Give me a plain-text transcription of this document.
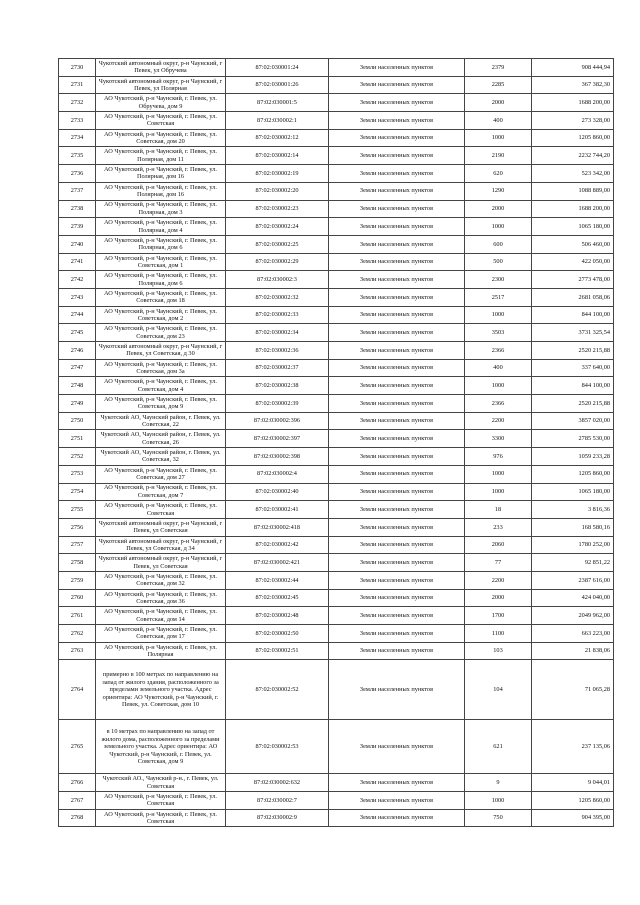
2730	Чукотский автономный округ, р-н Чаунский, г Певек, ул Обручева	87:02:030001:24	Земли населенных пунктов	2379	908 444,94
2731	Чукотский автономный округ, р-н Чаунский, г Певек, ул Полярная	87:02:030001:26	Земли населенных пунктов	2285	367 382,30
2732	АО Чукотский, р-н Чаунский, г. Певек, ул. Обручева, дом 9	87:02:030001:5	Земли населенных пунктов	2000	1688 200,00
2733	АО Чукотский, р-н Чаунский, г. Певек, ул. Советская	87:02:030002:1	Земли населенных пунктов	400	273 328,00
2734	АО Чукотский, р-н Чаунский, г. Певек, ул. Советская, дом 20	87:02:030002:12	Земли населенных пунктов	1000	1205 860,00
2735	АО Чукотский, р-н Чаунский, г. Певек, ул. Полярная, дом 11	87:02:030002:14	Земли населенных пунктов	2190	2232 744,20
2736	АО Чукотский, р-н Чаунский, г. Певек, ул. Полярная, дом 16	87:02:030002:19	Земли населенных пунктов	620	523 342,00
2737	АО Чукотский, р-н Чаунский, г. Певек, ул. Полярная, дом 16	87:02:030002:20	Земли населенных пунктов	1290	1088 889,00
2738	АО Чукотский, р-н Чаунский, г. Певек, ул. Полярная, дом 3	87:02:030002:23	Земли населенных пунктов	2000	1688 200,00
2739	АО Чукотский, р-н Чаунский, г. Певек, ул. Полярная, дом 4	87:02:030002:24	Земли населенных пунктов	1000	1065 180,00
2740	АО Чукотский, р-н Чаунский, г. Певек, ул. Полярная, дом 6	87:02:030002:25	Земли населенных пунктов	600	506 460,00
2741	АО Чукотский, р-н Чаунский, г. Певек, ул. Советская, дом 1	87:02:030002:29	Земли населенных пунктов	500	422 050,00
2742	АО Чукотский, р-н Чаунский, г. Певек, ул. Полярная, дом 6	87:02:030002:3	Земли населенных пунктов	2300	2773 478,00
2743	АО Чукотский, р-н Чаунский, г. Певек, ул. Советская, дом 18	87:02:030002:32	Земли населенных пунктов	2517	2681 058,06
2744	АО Чукотский, р-н Чаунский, г. Певек, ул. Советская, дом 2	87:02:030002:33	Земли населенных пунктов	1000	844 100,00
2745	АО Чукотский, р-н Чаунский, г. Певек, ул. Советская, дом 23	87:02:030002:34	Земли населенных пунктов	3503	3731 325,54
2746	Чукотский автономный округ, р-н Чаунский, г Певек, ул Советская, д 30	87:02:030002:36	Земли населенных пунктов	2366	2520 215,88
2747	АО Чукотский, р-н Чаунский, г. Певек, ул. Советская, дом 3а	87:02:030002:37	Земли населенных пунктов	400	337 640,00
2748	АО Чукотский, р-н Чаунский, г. Певек, ул. Советская, дом 4	87:02:030002:38	Земли населенных пунктов	1000	844 100,00
2749	АО Чукотский, р-н Чаунский, г. Певек, ул. Советская, дом 9	87:02:030002:39	Земли населенных пунктов	2366	2520 215,88
2750	Чукотский АО, Чаунский район, г. Певек, ул. Советская, 22	87:02:030002:396	Земли населенных пунктов	2200	3857 020,00
2751	Чукотский АО, Чаунский район, г. Певек, ул. Советская, 26	87:02:030002:397	Земли населенных пунктов	3300	2785 530,00
2752	Чукотский АО, Чаунский район, г. Певек, ул. Советская, 32	87:02:030002:398	Земли населенных пунктов	976	1059 233,28
2753	АО Чукотский, р-н Чаунский, г. Певек, ул. Советская, дом 27	87:02:030002:4	Земли населенных пунктов	1000	1205 860,00
2754	АО Чукотский, р-н Чаунский, г. Певек, ул. Советская, дом 7	87:02:030002:40	Земли населенных пунктов	1000	1065 180,00
2755	АО Чукотский, р-н Чаунский, г. Певек, ул. Советская	87:02:030002:41	Земли населенных пунктов	18	3 816,36
2756	Чукотский автономный округ, р-н Чаунский, г Певек, ул Советская	87:02:030002:418	Земли населенных пунктов	233	168 580,16
2757	Чукотский автономный округ, р-н Чаунский, г Певек, ул Советская, д 34	87:02:030002:42	Земли населенных пунктов	2060	1780 252,00
2758	Чукотский автономный округ, р-н Чаунский, г Певек, ул Советская	87:02:030002:421	Земли населенных пунктов	77	92 851,22
2759	АО Чукотский, р-н Чаунский, г. Певек, ул. Советская, дом 32	87:02:030002:44	Земли населенных пунктов	2200	2387 616,00
2760	АО Чукотский, р-н Чаунский, г. Певек, ул. Советская, дом 36	87:02:030002:45	Земли населенных пунктов	2000	424 040,00
2761	АО Чукотский, р-н Чаунский, г. Певек, ул. Советская, дом 14	87:02:030002:48	Земли населенных пунктов	1700	2049 962,00
2762	АО Чукотский, р-н Чаунский, г. Певек, ул. Советская, дом 17	87:02:030002:50	Земли населенных пунктов	1100	663 223,00
2763	АО Чукотский, р-н Чаунский, г. Певек, ул. Полярная	87:02:030002:51	Земли населенных пунктов	103	21 838,06
2764	примерно в 100 метрах по направлению на запад от жилого здания, расположенного за пределами земельного участка. Адрес ориентира: АО Чукотский, р-н Чаунский, г. Певек, ул. Советская, дом 10	87:02:030002:52	Земли населенных пунктов	104	71 065,28
2765	в 10 метрах по направлению на запад от жилого дома, расположенного за пределами земельного участка. Адрес ориентира: АО Чукотский, р-н Чаунский, г. Певек, ул. Советская, дом 9	87:02:030002:53	Земли населенных пунктов	621	237 135,06
2766	Чукотский АО., Чаунский р-н., г. Певек, ул. Советская	87:02:030002:632	Земли населенных пунктов	9	9 044,01
2767	АО Чукотский, р-н Чаунский, г. Певек, ул. Советская	87:02:030002:7	Земли населенных пунктов	1000	1205 860,00
2768	АО Чукотский, р-н Чаунский, г. Певек, ул. Советская	87:02:030002:9	Земли населенных пунктов	750	904 395,00
